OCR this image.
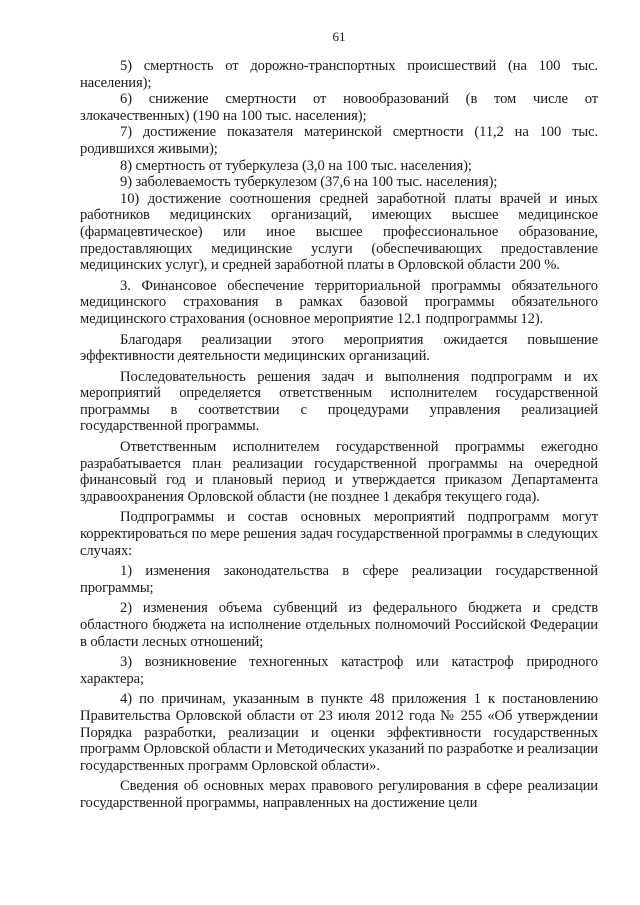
61

5) смертность от дорожно-транспортных происшествий (на 100 тыс. населения);

6) снижение смертности от новообразований (в том числе от злокачественных) (190 на 100 тыс. населения);

7) достижение показателя материнской смертности (11,2 на 100 тыс. родившихся живыми);

8) смертность от туберкулеза (3,0 на 100 тыс. населения);

9) заболеваемость туберкулезом (37,6 на 100 тыс. населения);

10) достижение соотношения средней заработной платы врачей и иных работников медицинских организаций, имеющих высшее медицинское (фармацевтическое) или иное высшее профессиональное образование, предоставляющих медицинские услуги (обеспечивающих предоставление медицинских услуг), и средней заработной платы в Орловской области 200 %.

3. Финансовое обеспечение территориальной программы обязательного медицинского страхования в рамках базовой программы обязательного медицинского страхования (основное мероприятие 12.1 подпрограммы 12).

Благодаря реализации этого мероприятия ожидается повышение эффективности деятельности медицинских организаций.

Последовательность решения задач и выполнения подпрограмм и их мероприятий определяется ответственным исполнителем государственной программы в соответствии с процедурами управления реализацией государственной программы.

Ответственным исполнителем государственной программы ежегодно разрабатывается план реализации государственной программы на очередной финансовый год и плановый период и утверждается приказом Департамента здравоохранения Орловской области (не позднее 1 декабря текущего года).

Подпрограммы и состав основных мероприятий подпрограмм могут корректироваться по мере решения задач государственной программы в следующих случаях:

1) изменения законодательства в сфере реализации государственной программы;

2) изменения объема субвенций из федерального бюджета и средств областного бюджета на исполнение отдельных полномочий Российской Федерации в области лесных отношений;

3) возникновение техногенных катастроф или катастроф природного характера;

4) по причинам, указанным в пункте 48 приложения 1 к постановлению Правительства Орловской области от 23 июля 2012 года № 255 «Об утверждении Порядка разработки, реализации и оценки эффективности государственных программ Орловской области и Методических указаний по разработке и реализации государственных программ Орловской области».

Сведения об основных мерах правового регулирования в сфере реализации государственной программы, направленных на достижение цели
